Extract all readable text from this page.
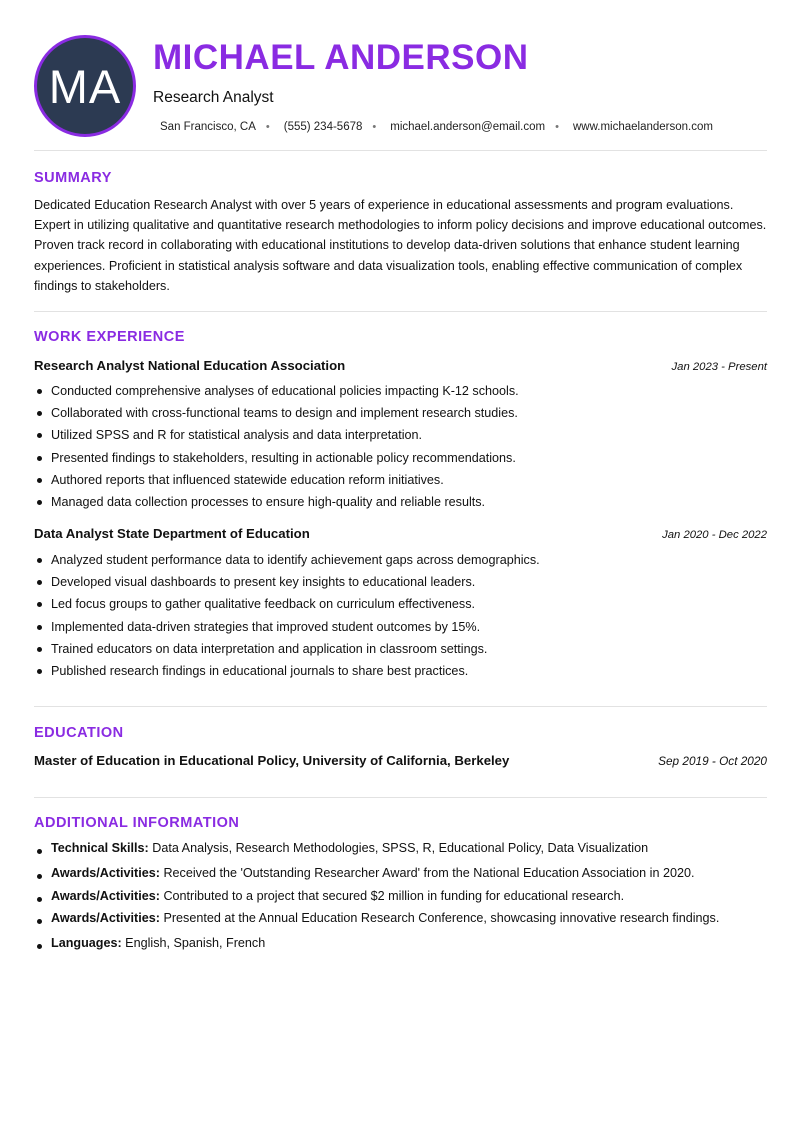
MA
MICHAEL ANDERSON
Research Analyst
San Francisco, CA • (555) 234-5678 • michael.anderson@email.com • www.michaelanderson.com
SUMMARY

Dedicated Education Research Analyst with over 5 years of experience in educational assessments and program evaluations. Expert in utilizing qualitative and quantitative research methodologies to inform policy decisions and improve educational outcomes. Proven track record in collaborating with educational institutions to develop data-driven solutions that enhance student learning experiences. Proficient in statistical analysis software and data visualization tools, enabling effective communication of complex findings to stakeholders.

WORK EXPERIENCE
Research Analyst National Education Association	Jan 2023 - Present
Conducted comprehensive analyses of educational policies impacting K-12 schools.
Collaborated with cross-functional teams to design and implement research studies.
Utilized SPSS and R for statistical analysis and data interpretation.
Presented findings to stakeholders, resulting in actionable policy recommendations.
Authored reports that influenced statewide education reform initiatives.
Managed data collection processes to ensure high-quality and reliable results.
Data Analyst State Department of Education	Jan 2020 - Dec 2022
Analyzed student performance data to identify achievement gaps across demographics.
Developed visual dashboards to present key insights to educational leaders.
Led focus groups to gather qualitative feedback on curriculum effectiveness.
Implemented data-driven strategies that improved student outcomes by 15%.
Trained educators on data interpretation and application in classroom settings.
Published research findings in educational journals to share best practices.
EDUCATION
Master of Education in Educational Policy, University of California, Berkeley	Sep 2019 - Oct 2020
ADDITIONAL INFORMATION
Technical Skills: Data Analysis, Research Methodologies, SPSS, R, Educational Policy, Data Visualization
Awards/Activities: Received the 'Outstanding Researcher Award' from the National Education Association in 2020.
Awards/Activities: Contributed to a project that secured $2 million in funding for educational research.
Awards/Activities: Presented at the Annual Education Research Conference, showcasing innovative research findings.
Languages: English, Spanish, French
